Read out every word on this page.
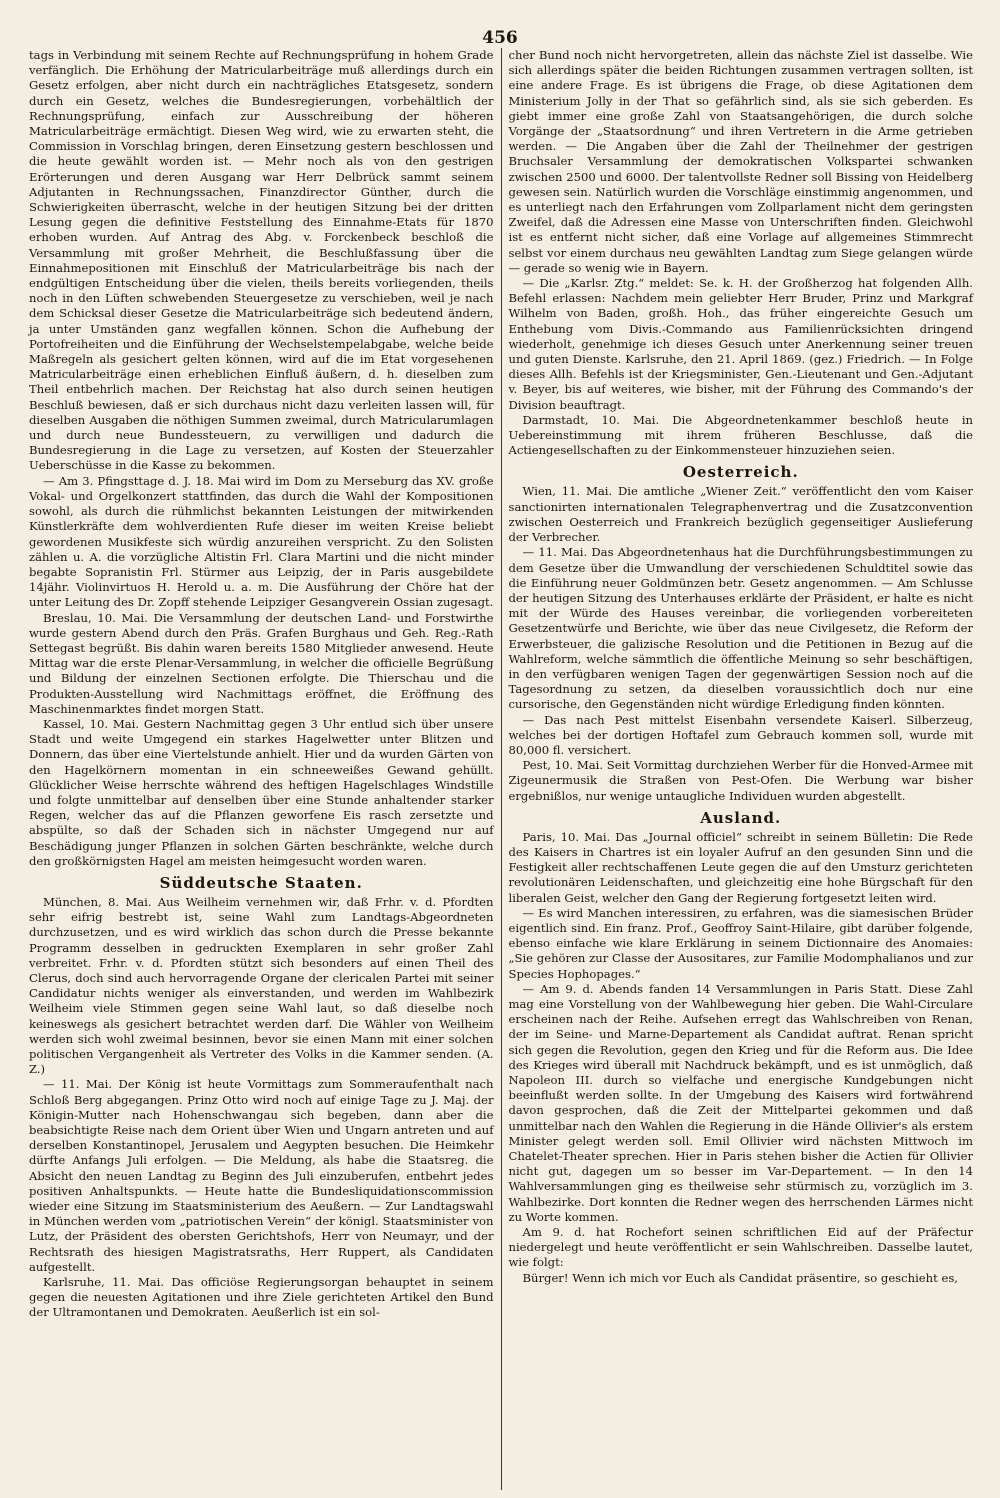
456

tags in Verbindung mit seinem Rechte auf Rechnungsprüfung in hohem Grade verfänglich. Die Erhöhung der Matricularbeiträge muß allerdings durch ein Gesetz erfolgen, aber nicht durch ein nachträgliches Etatsgesetz, sondern durch ein Gesetz, welches die Bundesregierungen, vorbehältlich der Rechnungsprüfung, einfach zur Ausschreibung der höheren Matricularbeiträge ermächtigt. Diesen Weg wird, wie zu erwarten steht, die Commission in Vorschlag bringen, deren Einsetzung gestern beschlossen und die heute gewählt worden ist. — Mehr noch als von den gestrigen Erörterungen und deren Ausgang war Herr Delbrück sammt seinem Adjutanten in Rechnungssachen, Finanzdirector Günther, durch die Schwierigkeiten überrascht, welche in der heutigen Sitzung bei der dritten Lesung gegen die definitive Feststellung des Einnahme-Etats für 1870 erhoben wurden. Auf Antrag des Abg. v. Forckenbeck beschloß die Versammlung mit großer Mehrheit, die Beschlußfassung über die Einnahmepositionen mit Einschluß der Matricularbeiträge bis nach der endgültigen Entscheidung über die vielen, theils bereits vorliegenden, theils noch in den Lüften schwebenden Steuergesetze zu verschieben, weil je nach dem Schicksal dieser Gesetze die Matricularbeiträge sich bedeutend ändern, ja unter Umständen ganz wegfallen können. Schon die Aufhebung der Portofreiheiten und die Einführung der Wechselstempelabgabe, welche beide Maßregeln als gesichert gelten können, wird auf die im Etat vorgesehenen Matricularbeiträge einen erheblichen Einfluß äußern, d. h. dieselben zum Theil entbehrlich machen. Der Reichstag hat also durch seinen heutigen Beschluß bewiesen, daß er sich durchaus nicht dazu verleiten lassen will, für dieselben Ausgaben die nöthigen Summen zweimal, durch Matricularumlagen und durch neue Bundessteuern, zu verwilligen und dadurch die Bundesregierung in die Lage zu versetzen, auf Kosten der Steuerzahler Ueberschüsse in die Kasse zu bekommen.

— Am 3. Pfingsttage d. J. 18. Mai wird im Dom zu Merseburg das XV. große Vokal- und Orgelkonzert stattfinden, das durch die Wahl der Kompositionen sowohl, als durch die rühmlichst bekannten Leistungen der mitwirkenden Künstlerkräfte dem wohlverdienten Rufe dieser im weiten Kreise beliebt gewordenen Musikfeste sich würdig anzureihen verspricht. Zu den Solisten zählen u. A. die vorzügliche Altistin Frl. Clara Martini und die nicht minder begabte Sopranistin Frl. Stürmer aus Leipzig, der in Paris ausgebildete 14jähr. Violinvirtuos H. Herold u. a. m. Die Ausführung der Chöre hat der unter Leitung des Dr. Zopff stehende Leipziger Gesangverein Ossian zugesagt.

Breslau, 10. Mai. Die Versammlung der deutschen Land- und Forstwirthe wurde gestern Abend durch den Präs. Grafen Burghaus und Geh. Reg.-Rath Settegast begrüßt. Bis dahin waren bereits 1580 Mitglieder anwesend. Heute Mittag war die erste Plenar-Versammlung, in welcher die officielle Begrüßung und Bildung der einzelnen Sectionen erfolgte. Die Thierschau und die Produkten-Ausstellung wird Nachmittags eröffnet, die Eröffnung des Maschinenmarktes findet morgen Statt.

Kassel, 10. Mai. Gestern Nachmittag gegen 3 Uhr entlud sich über unsere Stadt und weite Umgegend ein starkes Hagelwetter unter Blitzen und Donnern, das über eine Viertelstunde anhielt. Hier und da wurden Gärten von den Hagelkörnern momentan in ein schneeweißes Gewand gehüllt. Glücklicher Weise herrschte während des heftigen Hagelschlages Windstille und folgte unmittelbar auf denselben über eine Stunde anhaltender starker Regen, welcher das auf die Pflanzen geworfene Eis rasch zersetzte und abspülte, so daß der Schaden sich in nächster Umgegend nur auf Beschädigung junger Pflanzen in solchen Gärten beschränkte, welche durch den großkörnigsten Hagel am meisten heimgesucht worden waren.

Süddeutsche Staaten.

München, 8. Mai. Aus Weilheim vernehmen wir, daß Frhr. v. d. Pfordten sehr eifrig bestrebt ist, seine Wahl zum Landtags-Abgeordneten durchzusetzen, und es wird wirklich das schon durch die Presse bekannte Programm desselben in gedruckten Exemplaren in sehr großer Zahl verbreitet. Frhr. v. d. Pfordten stützt sich besonders auf einen Theil des Clerus, doch sind auch hervorragende Organe der clericalen Partei mit seiner Candidatur nichts weniger als einverstanden, und werden im Wahlbezirk Weilheim viele Stimmen gegen seine Wahl laut, so daß dieselbe noch keineswegs als gesichert betrachtet werden darf. Die Wähler von Weilheim werden sich wohl zweimal besinnen, bevor sie einen Mann mit einer solchen politischen Vergangenheit als Vertreter des Volks in die Kammer senden. (A. Z.)

— 11. Mai. Der König ist heute Vormittags zum Sommeraufenthalt nach Schloß Berg abgegangen. Prinz Otto wird noch auf einige Tage zu J. Maj. der Königin-Mutter nach Hohenschwangau sich begeben, dann aber die beabsichtigte Reise nach dem Orient über Wien und Ungarn antreten und auf derselben Konstantinopel, Jerusalem und Aegypten besuchen. Die Heimkehr dürfte Anfangs Juli erfolgen. — Die Meldung, als habe die Staatsreg. die Absicht den neuen Landtag zu Beginn des Juli einzuberufen, entbehrt jedes positiven Anhaltspunkts. — Heute hatte die Bundesliquidationscommission wieder eine Sitzung im Staatsministerium des Aeußern. — Zur Landtagswahl in München werden vom „patriotischen Verein“ der königl. Staatsminister von Lutz, der Präsident des obersten Gerichtshofs, Herr von Neumayr, und der Rechtsrath des hiesigen Magistratsraths, Herr Ruppert, als Candidaten aufgestellt.

Karlsruhe, 11. Mai. Das officiöse Regierungsorgan behauptet in seinem gegen die neuesten Agitationen und ihre Ziele gerichteten Artikel den Bund der Ultramontanen und Demokraten. Aeußerlich ist ein sol-

cher Bund noch nicht hervorgetreten, allein das nächste Ziel ist dasselbe. Wie sich allerdings später die beiden Richtungen zusammen vertragen sollten, ist eine andere Frage. Es ist übrigens die Frage, ob diese Agitationen dem Ministerium Jolly in der That so gefährlich sind, als sie sich geberden. Es giebt immer eine große Zahl von Staatsangehörigen, die durch solche Vorgänge der „Staatsordnung“ und ihren Vertretern in die Arme getrieben werden. — Die Angaben über die Zahl der Theilnehmer der gestrigen Bruchsaler Versammlung der demokratischen Volkspartei schwanken zwischen 2500 und 6000. Der talentvollste Redner soll Bissing von Heidelberg gewesen sein. Natürlich wurden die Vorschläge einstimmig angenommen, und es unterliegt nach den Erfahrungen vom Zollparlament nicht dem geringsten Zweifel, daß die Adressen eine Masse von Unterschriften finden. Gleichwohl ist es entfernt nicht sicher, daß eine Vorlage auf allgemeines Stimmrecht selbst vor einem durchaus neu gewählten Landtag zum Siege gelangen würde — gerade so wenig wie in Bayern.

— Die „Karlsr. Ztg.“ meldet: Se. k. H. der Großherzog hat folgenden Allh. Befehl erlassen: Nachdem mein geliebter Herr Bruder, Prinz und Markgraf Wilhelm von Baden, großh. Hoh., das früher eingereichte Gesuch um Enthebung vom Divis.-Commando aus Familienrücksichten dringend wiederholt, genehmige ich dieses Gesuch unter Anerkennung seiner treuen und guten Dienste. Karlsruhe, den 21. April 1869. (gez.) Friedrich. — In Folge dieses Allh. Befehls ist der Kriegsminister, Gen.-Lieutenant und Gen.-Adjutant v. Beyer, bis auf weiteres, wie bisher, mit der Führung des Commando's der Division beauftragt.

Darmstadt, 10. Mai. Die Abgeordnetenkammer beschloß heute in Uebereinstimmung mit ihrem früheren Beschlusse, daß die Actiengesellschaften zu der Einkommensteuer hinzuziehen seien.

Oesterreich.

Wien, 11. Mai. Die amtliche „Wiener Zeit.“ veröffentlicht den vom Kaiser sanctionirten internationalen Telegraphenvertrag und die Zusatzconvention zwischen Oesterreich und Frankreich bezüglich gegenseitiger Auslieferung der Verbrecher.

— 11. Mai. Das Abgeordnetenhaus hat die Durchführungsbestimmungen zu dem Gesetze über die Umwandlung der verschiedenen Schuldtitel sowie das die Einführung neuer Goldmünzen betr. Gesetz angenommen. — Am Schlusse der heutigen Sitzung des Unterhauses erklärte der Präsident, er halte es nicht mit der Würde des Hauses vereinbar, die vorliegenden vorbereiteten Gesetzentwürfe und Berichte, wie über das neue Civilgesetz, die Reform der Erwerbsteuer, die galizische Resolution und die Petitionen in Bezug auf die Wahlreform, welche sämmtlich die öffentliche Meinung so sehr beschäftigen, in den verfügbaren wenigen Tagen der gegenwärtigen Session noch auf die Tagesordnung zu setzen, da dieselben voraussichtlich doch nur eine cursorische, den Gegenständen nicht würdige Erledigung finden könnten.

— Das nach Pest mittelst Eisenbahn versendete Kaiserl. Silberzeug, welches bei der dortigen Hoftafel zum Gebrauch kommen soll, wurde mit 80,000 fl. versichert.

Pest, 10. Mai. Seit Vormittag durchziehen Werber für die Honved-Armee mit Zigeunermusik die Straßen von Pest-Ofen. Die Werbung war bisher ergebnißlos, nur wenige untaugliche Individuen wurden abgestellt.

Ausland.

Paris, 10. Mai. Das „Journal officiel“ schreibt in seinem Bülletin: Die Rede des Kaisers in Chartres ist ein loyaler Aufruf an den gesunden Sinn und die Festigkeit aller rechtschaffenen Leute gegen die auf den Umsturz gerichteten revolutionären Leidenschaften, und gleichzeitig eine hohe Bürgschaft für den liberalen Geist, welcher den Gang der Regierung fortgesetzt leiten wird.

— Es wird Manchen interessiren, zu erfahren, was die siamesischen Brüder eigentlich sind. Ein franz. Prof., Geoffroy Saint-Hilaire, gibt darüber folgende, ebenso einfache wie klare Erklärung in seinem Dictionnaire des Anomaies: „Sie gehören zur Classe der Ausositares, zur Familie Modomphalianos und zur Species Hophopages.“

— Am 9. d. Abends fanden 14 Versammlungen in Paris Statt. Diese Zahl mag eine Vorstellung von der Wahlbewegung hier geben. Die Wahl-Circulare erscheinen nach der Reihe. Aufsehen erregt das Wahlschreiben von Renan, der im Seine- und Marne-Departement als Candidat auftrat. Renan spricht sich gegen die Revolution, gegen den Krieg und für die Reform aus. Die Idee des Krieges wird überall mit Nachdruck bekämpft, und es ist unmöglich, daß Napoleon III. durch so vielfache und energische Kundgebungen nicht beeinflußt werden sollte. In der Umgebung des Kaisers wird fortwährend davon gesprochen, daß die Zeit der Mittelpartei gekommen und daß unmittelbar nach den Wahlen die Regierung in die Hände Ollivier's als erstem Minister gelegt werden soll. Emil Ollivier wird nächsten Mittwoch im Chatelet-Theater sprechen. Hier in Paris stehen bisher die Actien für Ollivier nicht gut, dagegen um so besser im Var-Departement. — In den 14 Wahlversammlungen ging es theilweise sehr stürmisch zu, vorzüglich im 3. Wahlbezirke. Dort konnten die Redner wegen des herrschenden Lärmes nicht zu Worte kommen.

Am 9. d. hat Rochefort seinen schriftlichen Eid auf der Präfectur niedergelegt und heute veröffentlicht er sein Wahlschreiben. Dasselbe lautet, wie folgt:

Bürger! Wenn ich mich vor Euch als Candidat präsentire, so geschieht es,
